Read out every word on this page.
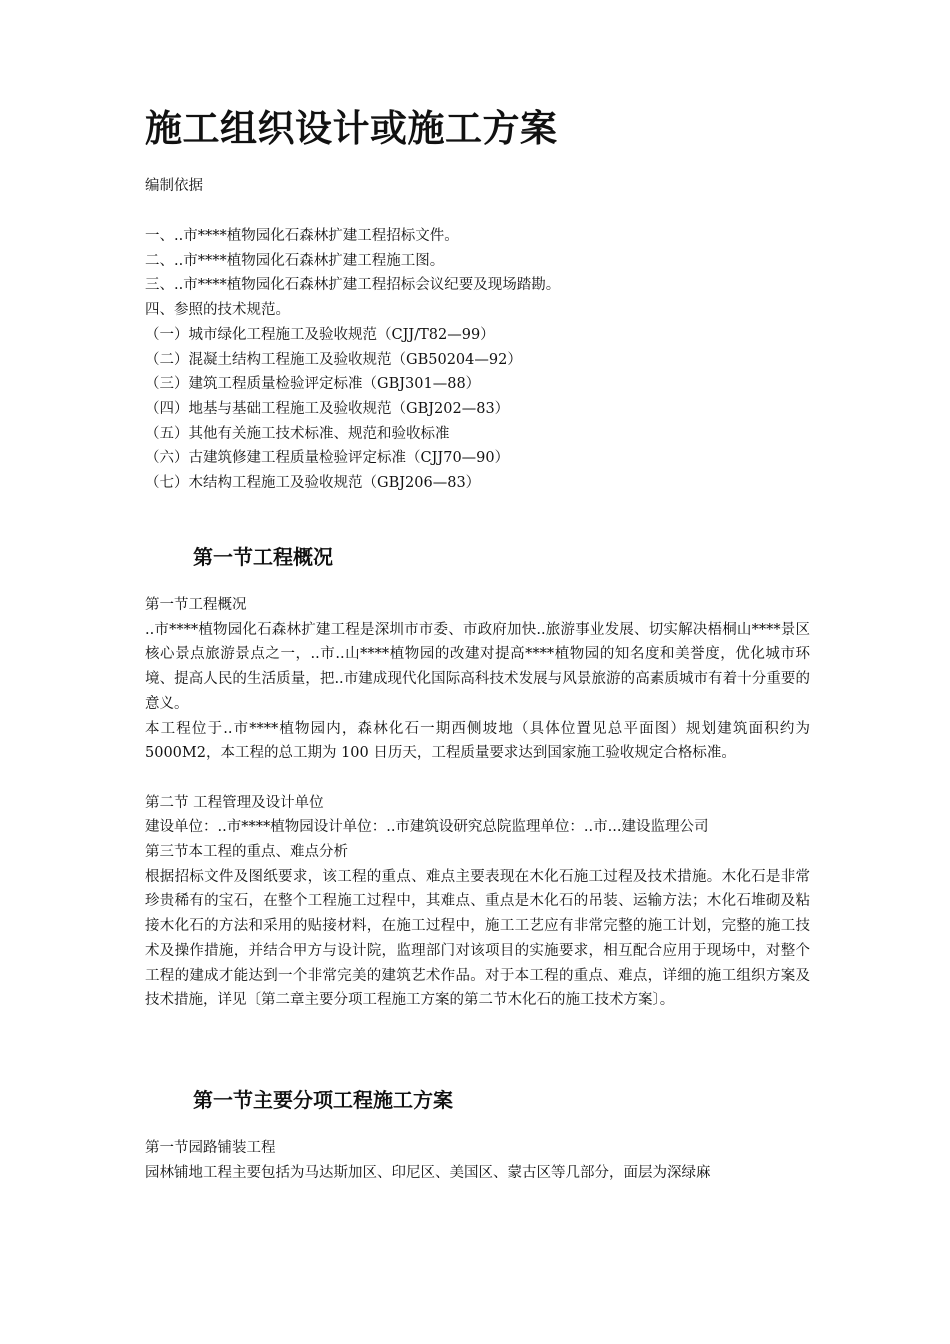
施工组织设计或施工方案
编制依据
一、..市****植物园化石森林扩建工程招标文件。
二、..市****植物园化石森林扩建工程施工图。
三、..市****植物园化石森林扩建工程招标会议纪要及现场踏勘。
四、参照的技术规范。
（一）城市绿化工程施工及验收规范（CJJ/T82—99）
（二）混凝土结构工程施工及验收规范（GB50204—92）
（三）建筑工程质量检验评定标准（GBJ301—88）
（四）地基与基础工程施工及验收规范（GBJ202—83）
（五）其他有关施工技术标准、规范和验收标准
（六）古建筑修建工程质量检验评定标准（CJJ70—90）
（七）木结构工程施工及验收规范（GBJ206—83）
第一节工程概况
第一节工程概况

..市****植物园化石森林扩建工程是深圳市市委、市政府加快..旅游事业发展、切实解决梧桐山****景区核心景点旅游景点之一，..市..山****植物园的改建对提高****植物园的知名度和美誉度，优化城市环境、提高人民的生活质量，把..市建成现代化国际高科技术发展与风景旅游的高素质城市有着十分重要的意义。

本工程位于..市****植物园内，森林化石一期西侧坡地（具体位置见总平面图）规划建筑面积约为 5000M2，本工程的总工期为 100 日历天，工程质量要求达到国家施工验收规定合格标准。

第二节 工程管理及设计单位
建设单位：..市****植物园设计单位：..市建筑设研究总院监理单位：..市...建设监理公司
第三节本工程的重点、难点分析

根据招标文件及图纸要求，该工程的重点、难点主要表现在木化石施工过程及技术措施。木化石是非常珍贵稀有的宝石，在整个工程施工过程中，其难点、重点是木化石的吊装、运输方法；木化石堆砌及粘接木化石的方法和采用的贴接材料，在施工过程中，施工工艺应有非常完整的施工计划，完整的施工技术及操作措施，并结合甲方与设计院，监理部门对该项目的实施要求，相互配合应用于现场中，对整个工程的建成才能达到一个非常完美的建筑艺术作品。对于本工程的重点、难点，详细的施工组织方案及技术措施，详见〔第二章主要分项工程施工方案的第二节木化石的施工技术方案〕。

第一节主要分项工程施工方案
第一节园路铺装工程
园林铺地工程主要包括为马达斯加区、印尼区、美国区、蒙古区等几部分，面层为深绿麻
